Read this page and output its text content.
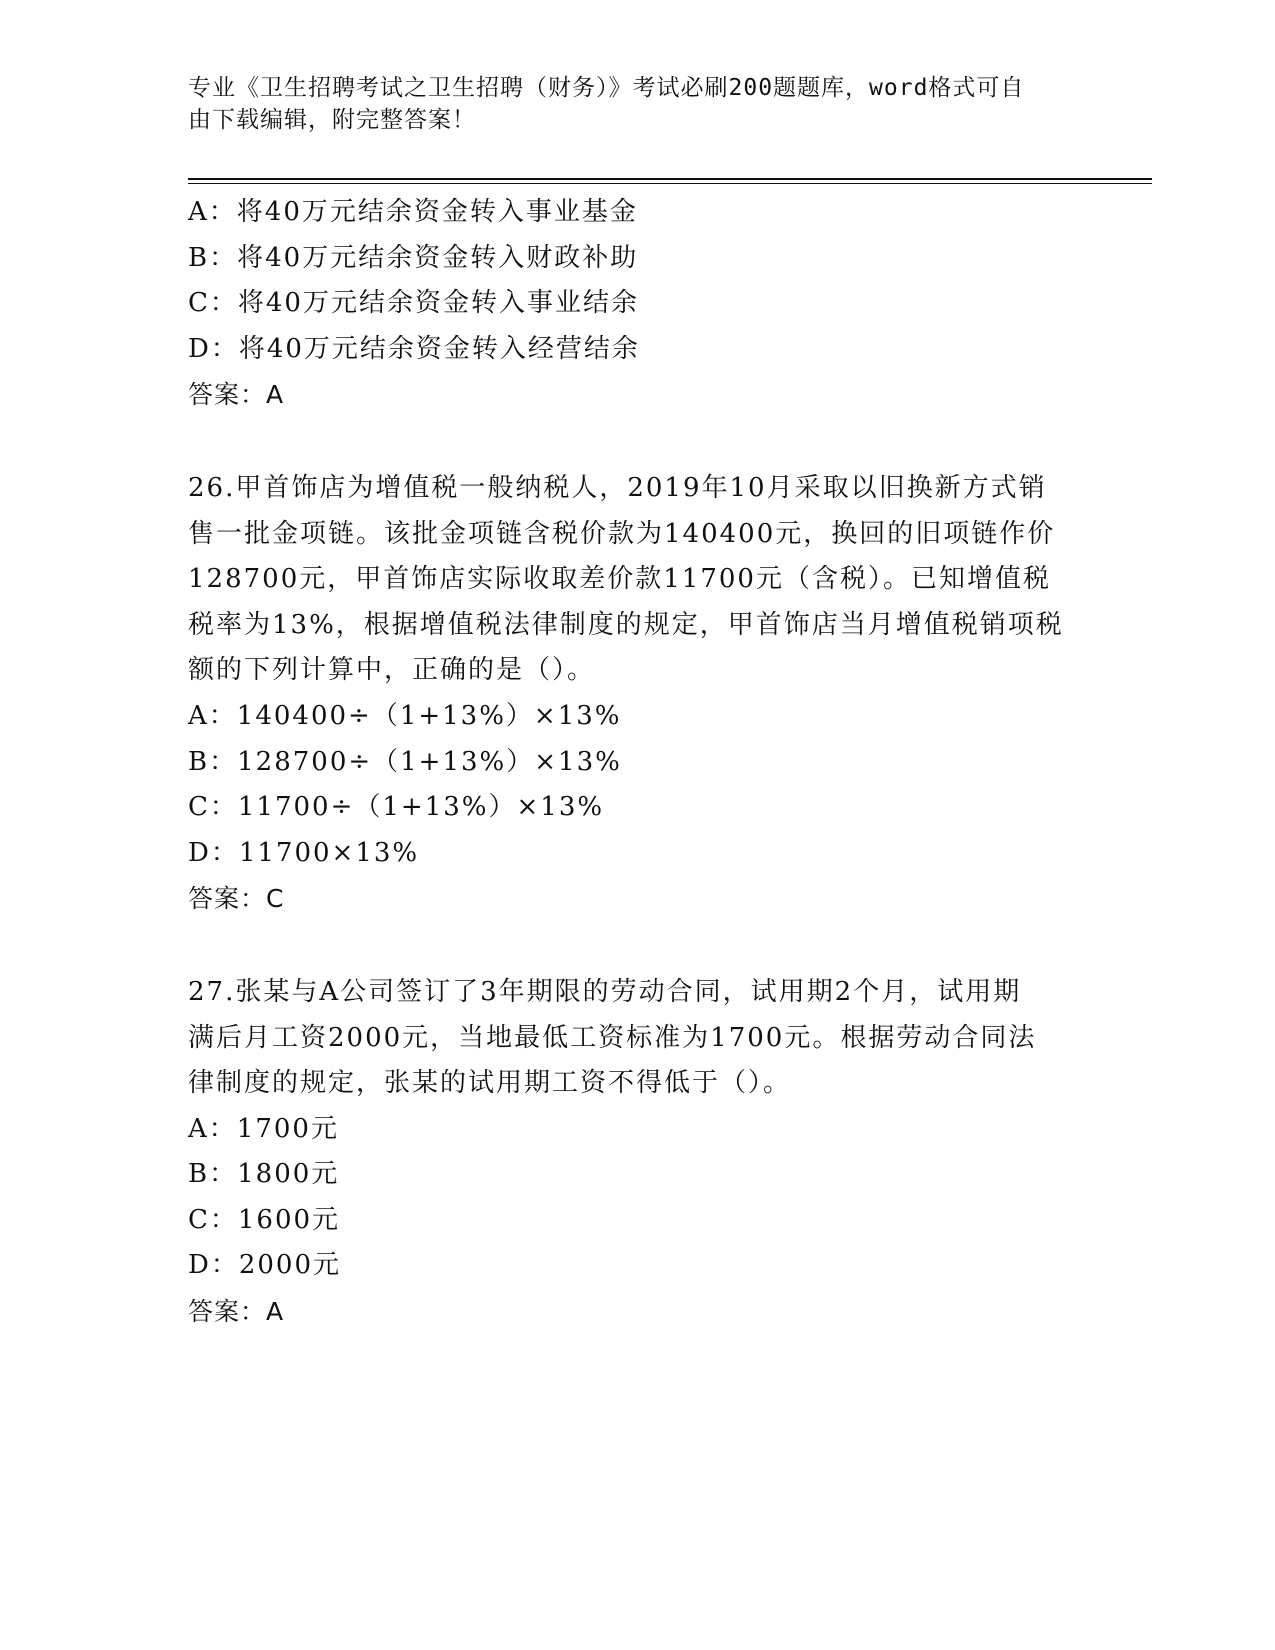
专业《卫生招聘考试之卫生招聘（财务）》考试必刷200题题库，word格式可自
由下载编辑，附完整答案！
A：将40万元结余资金转入事业基金
B：将40万元结余资金转入财政补助
C：将40万元结余资金转入事业结余
D：将40万元结余资金转入经营结余
答案：A
26.甲首饰店为增值税一般纳税人，2019年10月采取以旧换新方式销
售一批金项链。该批金项链含税价款为140400元，换回的旧项链作价
128700元，甲首饰店实际收取差价款11700元（含税）。已知增值税
税率为13%，根据增值税法律制度的规定，甲首饰店当月增值税销项税
额的下列计算中，正确的是（）。
A：140400÷（1+13%）×13%
B：128700÷（1+13%）×13%
C：11700÷（1+13%）×13%
D：11700×13%
答案：C
27.张某与A公司签订了3年期限的劳动合同，试用期2个月，试用期
满后月工资2000元，当地最低工资标准为1700元。根据劳动合同法
律制度的规定，张某的试用期工资不得低于（）。
A：1700元
B：1800元
C：1600元
D：2000元
答案：A
